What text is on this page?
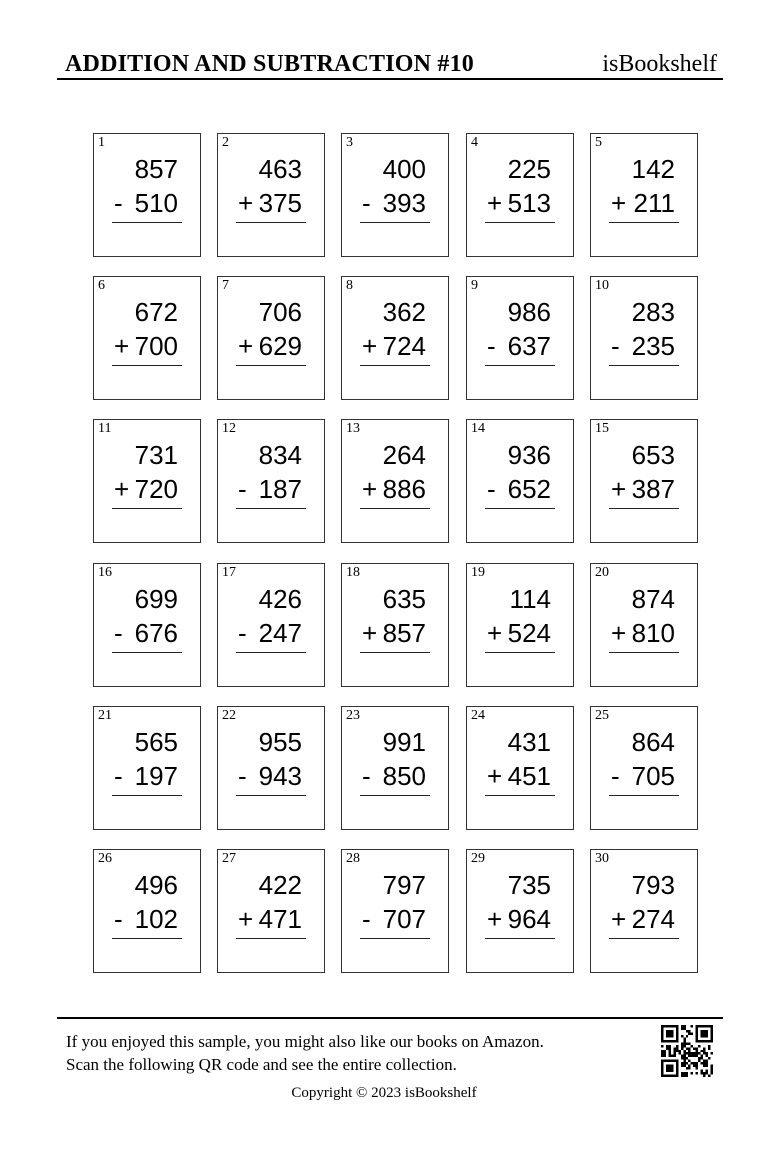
ADDITION AND SUBTRACTION #10	isBookshelf
1
857
- 510
2
463
+ 375
3
400
- 393
4
225
+ 513
5
142
+ 211
6
672
+ 700
7
706
+ 629
8
362
+ 724
9
986
- 637
10
283
- 235
11
731
+ 720
12
834
- 187
13
264
+ 886
14
936
- 652
15
653
+ 387
16
699
- 676
17
426
- 247
18
635
+ 857
19
114
+ 524
20
874
+ 810
21
565
- 197
22
955
- 943
23
991
- 850
24
431
+ 451
25
864
- 705
26
496
- 102
27
422
+ 471
28
797
- 707
29
735
+ 964
30
793
+ 274
If you enjoyed this sample, you might also like our books on Amazon.
Scan the following QR code and see the entire collection.
Copyright © 2023 isBookshelf
